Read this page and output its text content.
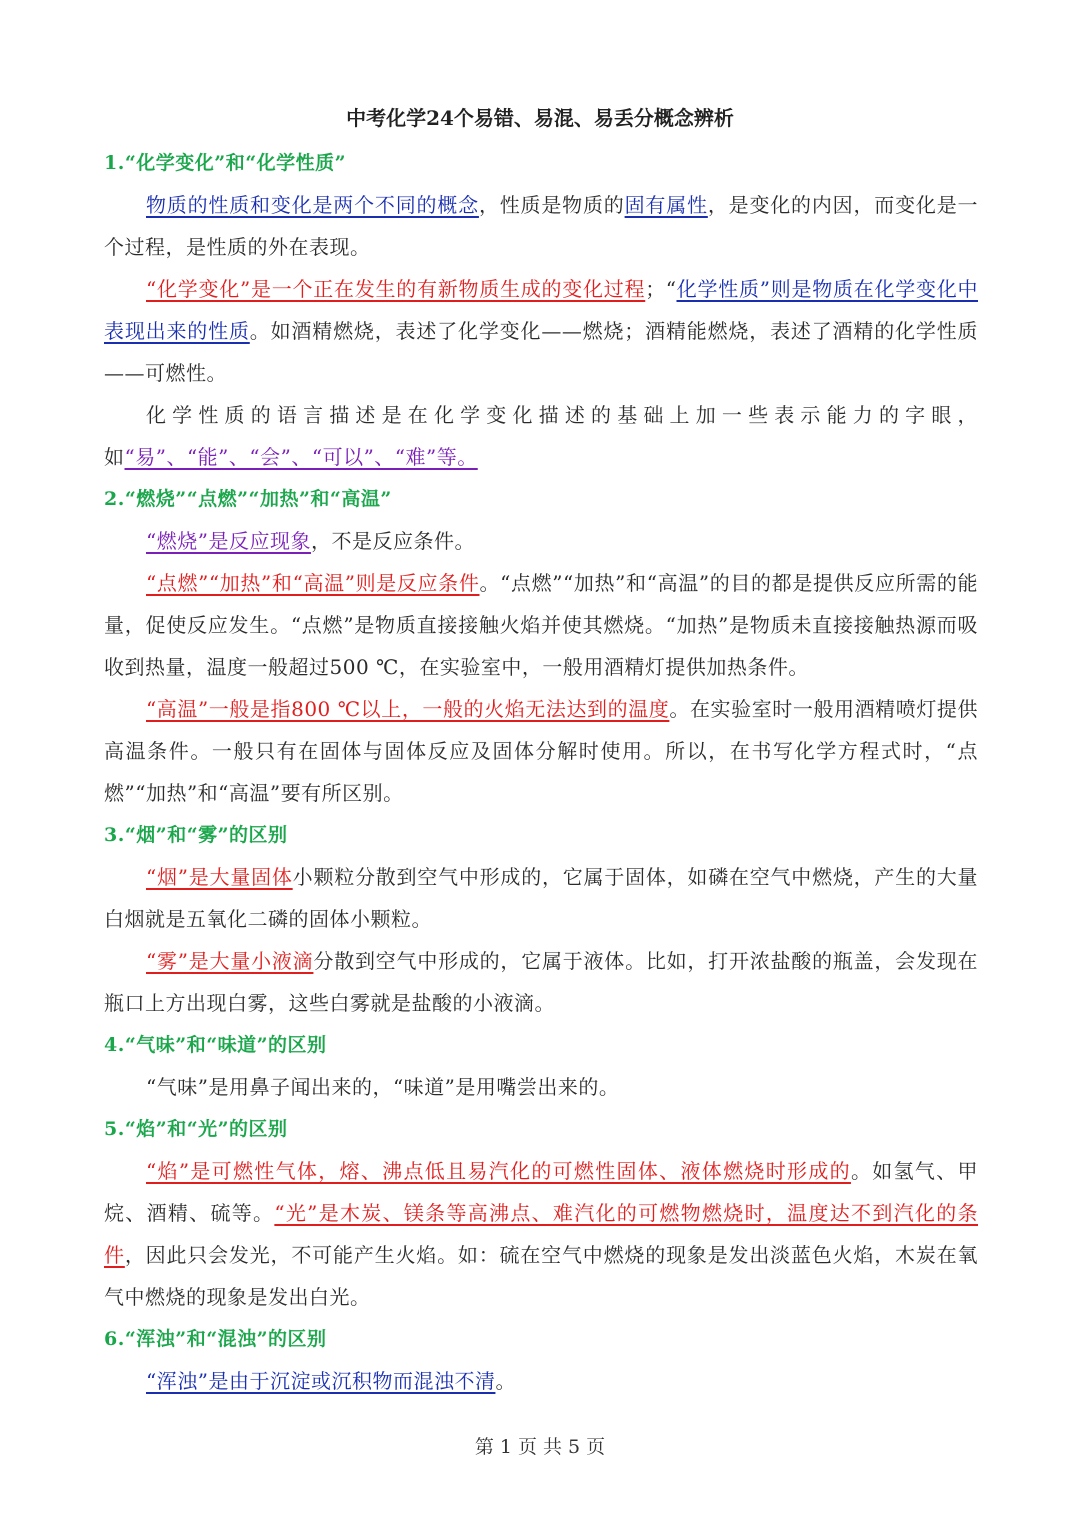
中考化学24个易错、易混、易丢分概念辨析

1.“化学变化”和“化学性质”

物质的性质和变化是两个不同的概念，性质是物质的固有属性，是变化的内因，而变化是一个过程，是性质的外在表现。

“化学变化”是一个正在发生的有新物质生成的变化过程；“化学性质”则是物质在化学变化中表现出来的性质。如酒精燃烧，表述了化学变化——燃烧；酒精能燃烧，表述了酒精的化学性质——可燃性。

化学性质的语言描述是在化学变化描述的基础上加一些表示能力的字眼，如“易”、“能”、“会”、“可以”、“难”等。

2.“燃烧”“点燃”“加热”和“高温”

“燃烧”是反应现象，不是反应条件。

“点燃”“加热”和“高温”则是反应条件。“点燃”“加热”和“高温”的目的都是提供反应所需的能量，促使反应发生。“点燃”是物质直接接触火焰并使其燃烧。“加热”是物质未直接接触热源而吸收到热量，温度一般超过500 ℃，在实验室中，一般用酒精灯提供加热条件。

“高温”一般是指800 ℃以上，一般的火焰无法达到的温度。在实验室时一般用酒精喷灯提供高温条件。一般只有在固体与固体反应及固体分解时使用。所以，在书写化学方程式时，“点燃”“加热”和“高温”要有所区别。

3.“烟”和“雾”的区别

“烟”是大量固体小颗粒分散到空气中形成的，它属于固体，如磷在空气中燃烧，产生的大量白烟就是五氧化二磷的固体小颗粒。

“雾”是大量小液滴分散到空气中形成的，它属于液体。比如，打开浓盐酸的瓶盖，会发现在瓶口上方出现白雾，这些白雾就是盐酸的小液滴。

4.“气味”和“味道”的区别

“气味”是用鼻子闻出来的，“味道”是用嘴尝出来的。

5.“焰”和“光”的区别

“焰”是可燃性气体，熔、沸点低且易汽化的可燃性固体、液体燃烧时形成的。如氢气、甲烷、酒精、硫等。“光”是木炭、镁条等高沸点、难汽化的可燃物燃烧时，温度达不到汽化的条件，因此只会发光，不可能产生火焰。如：硫在空气中燃烧的现象是发出淡蓝色火焰，木炭在氧气中燃烧的现象是发出白光。

6.“浑浊”和“混浊”的区别

“浑浊”是由于沉淀或沉积物而混浊不清。

第 1 页 共 5 页
